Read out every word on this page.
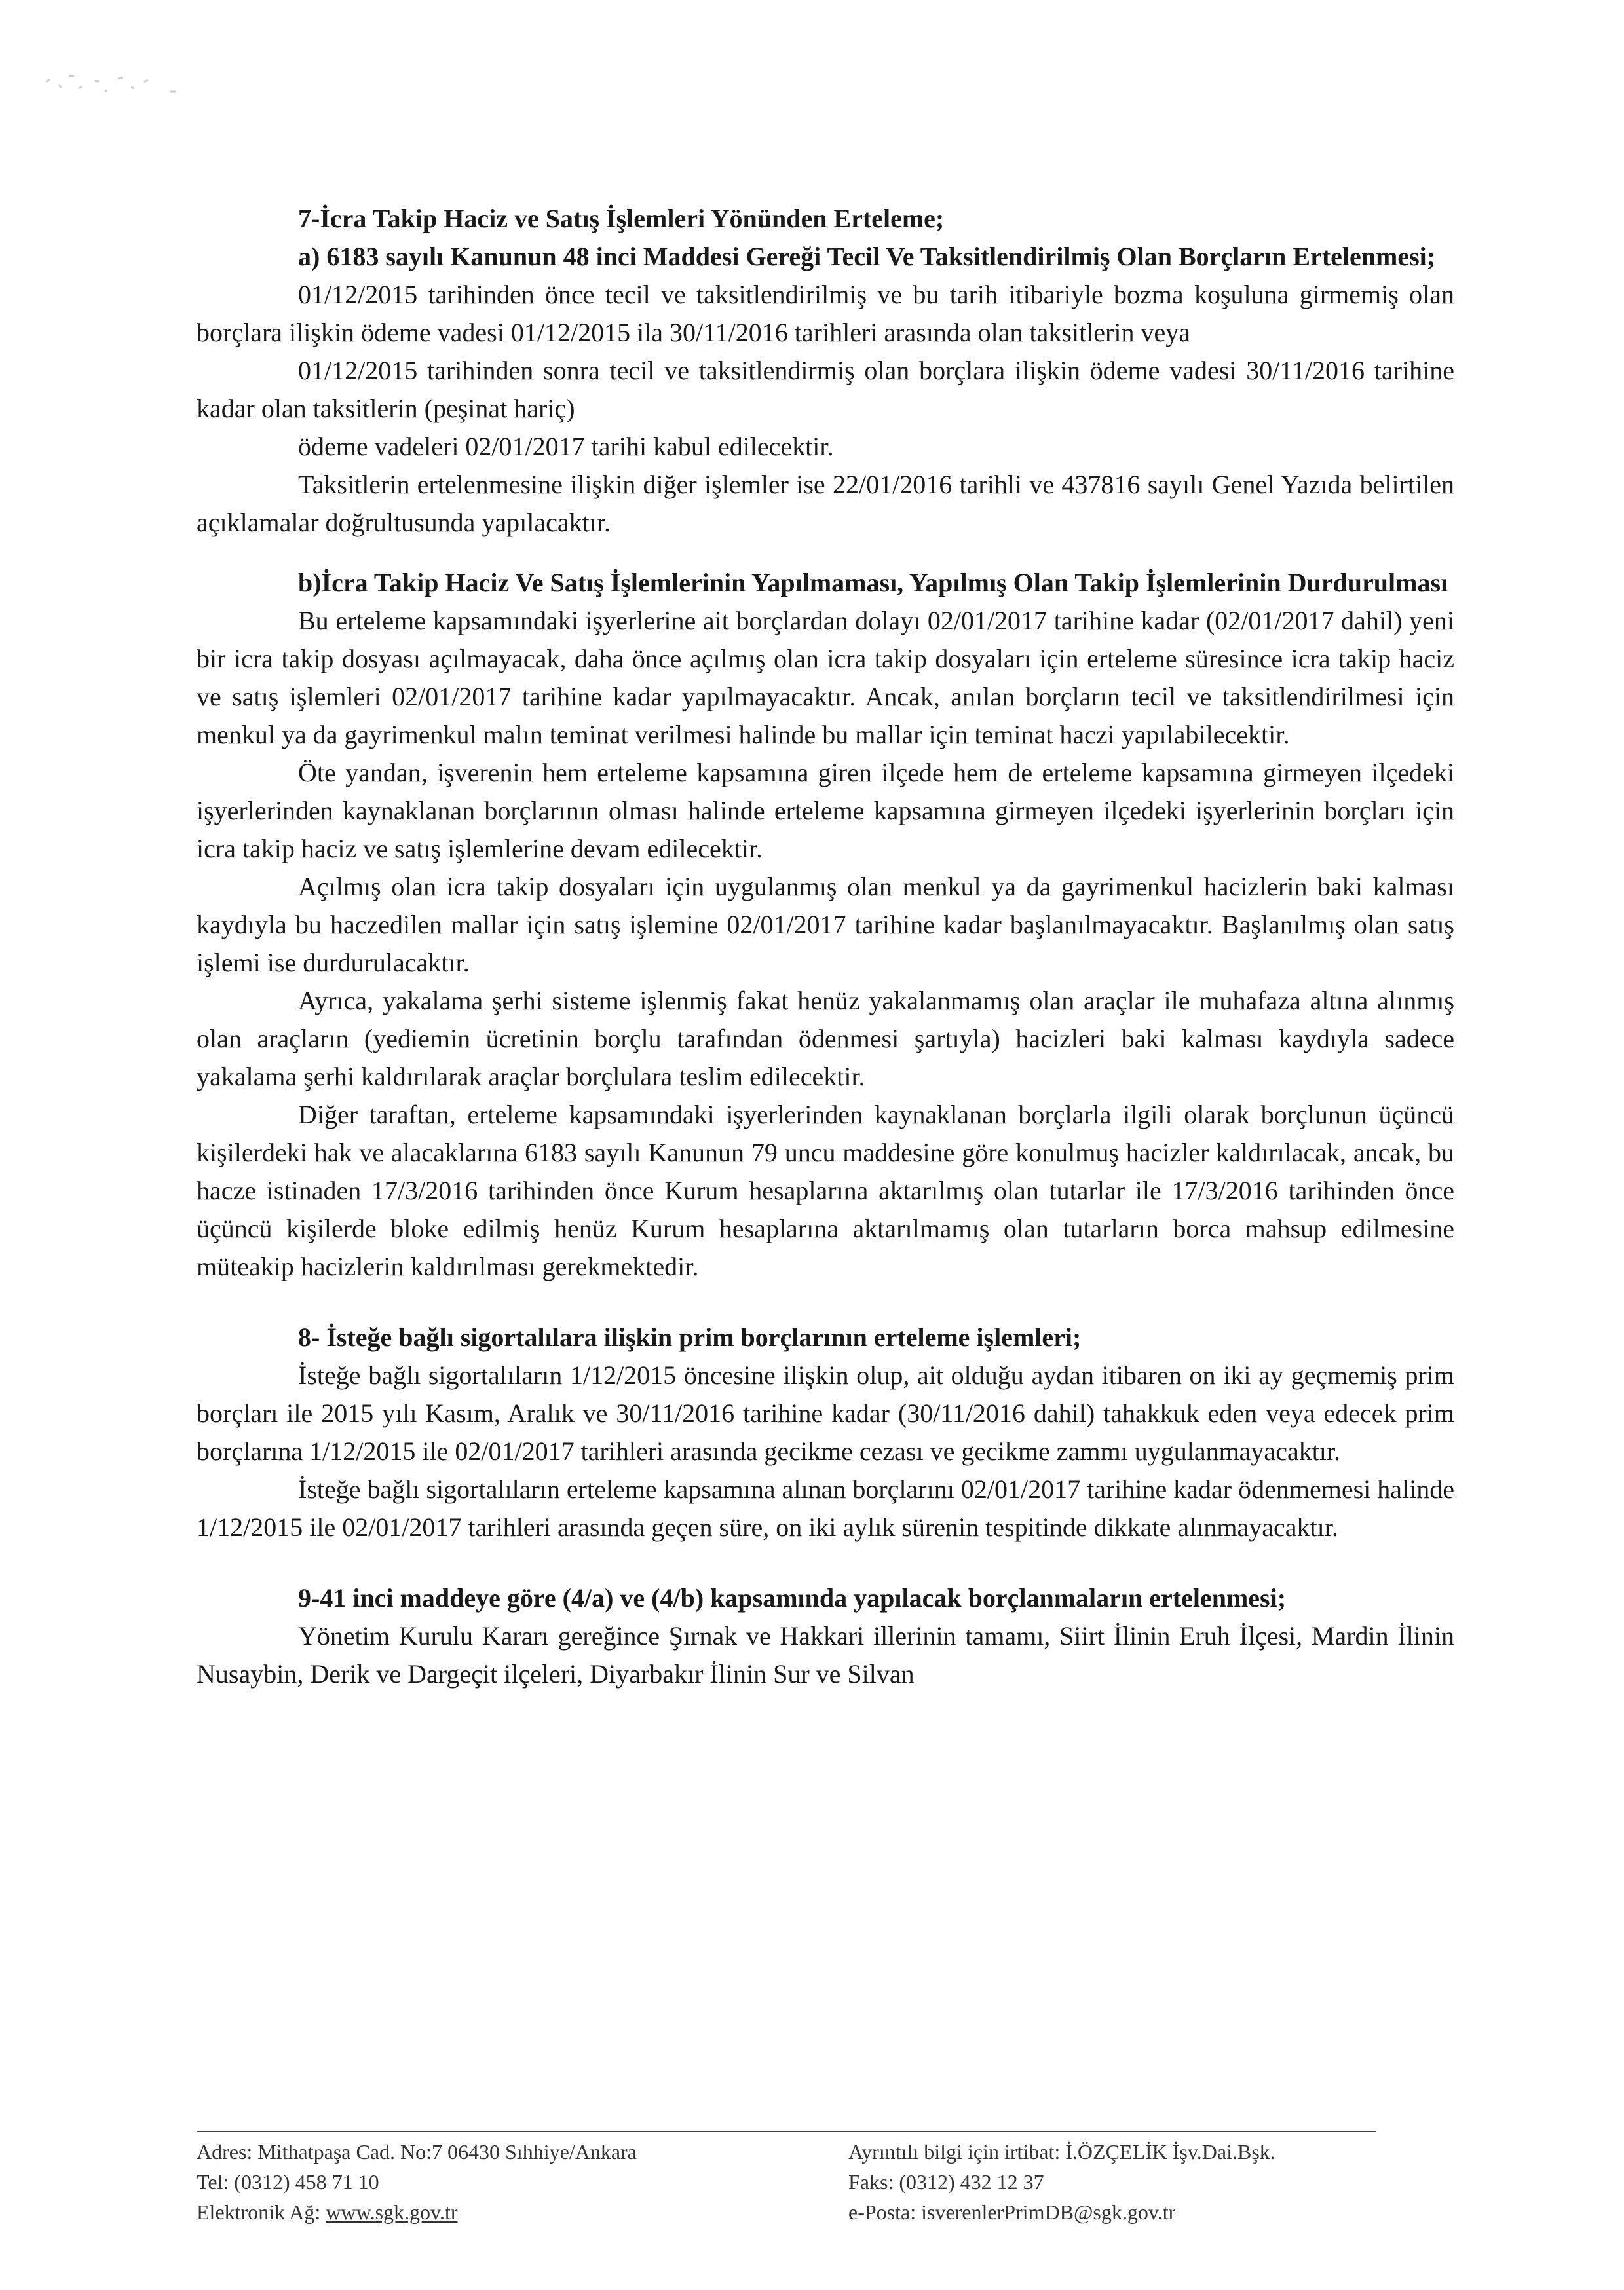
7-İcra Takip Haciz ve Satış İşlemleri Yönünden Erteleme;

a) 6183 sayılı Kanunun 48 inci Maddesi Gereği Tecil Ve Taksitlendirilmiş Olan Borçların Ertelenmesi;

01/12/2015 tarihinden önce tecil ve taksitlendirilmiş ve bu tarih itibariyle bozma koşuluna girmemiş olan borçlara ilişkin ödeme vadesi 01/12/2015 ila 30/11/2016 tarihleri arasında olan taksitlerin veya

01/12/2015 tarihinden sonra tecil ve taksitlendirmiş olan borçlara ilişkin ödeme vadesi 30/11/2016 tarihine kadar olan taksitlerin (peşinat hariç)

ödeme vadeleri 02/01/2017 tarihi kabul edilecektir.

Taksitlerin ertelenmesine ilişkin diğer işlemler ise 22/01/2016 tarihli ve 437816 sayılı Genel Yazıda belirtilen açıklamalar doğrultusunda yapılacaktır.

b)İcra Takip Haciz Ve Satış İşlemlerinin Yapılmaması, Yapılmış Olan Takip İşlemlerinin Durdurulması

Bu erteleme kapsamındaki işyerlerine ait borçlardan dolayı 02/01/2017 tarihine kadar (02/01/2017 dahil) yeni bir icra takip dosyası açılmayacak, daha önce açılmış olan icra takip dosyaları için erteleme süresince icra takip haciz ve satış işlemleri 02/01/2017 tarihine kadar yapılmayacaktır. Ancak, anılan borçların tecil ve taksitlendirilmesi için menkul ya da gayrimenkul malın teminat verilmesi halinde bu mallar için teminat haczi yapılabilecektir.

Öte yandan, işverenin hem erteleme kapsamına giren ilçede hem de erteleme kapsamına girmeyen ilçedeki işyerlerinden kaynaklanan borçlarının olması halinde erteleme kapsamına girmeyen ilçedeki işyerlerinin borçları için icra takip haciz ve satış işlemlerine devam edilecektir.

Açılmış olan icra takip dosyaları için uygulanmış olan menkul ya da gayrimenkul hacizlerin baki kalması kaydıyla bu haczedilen mallar için satış işlemine 02/01/2017 tarihine kadar başlanılmayacaktır. Başlanılmış olan satış işlemi ise durdurulacaktır.

Ayrıca, yakalama şerhi sisteme işlenmiş fakat henüz yakalanmamış olan araçlar ile muhafaza altına alınmış olan araçların (yediemin ücretinin borçlu tarafından ödenmesi şartıyla) hacizleri baki kalması kaydıyla sadece yakalama şerhi kaldırılarak araçlar borçlulara teslim edilecektir.

Diğer taraftan, erteleme kapsamındaki işyerlerinden kaynaklanan borçlarla ilgili olarak borçlunun üçüncü kişilerdeki hak ve alacaklarına 6183 sayılı Kanunun 79 uncu maddesine göre konulmuş hacizler kaldırılacak, ancak, bu hacze istinaden 17/3/2016 tarihinden önce Kurum hesaplarına aktarılmış olan tutarlar ile 17/3/2016 tarihinden önce üçüncü kişilerde bloke edilmiş henüz Kurum hesaplarına aktarılmamış olan tutarların borca mahsup edilmesine müteakip hacizlerin kaldırılması gerekmektedir.

8- İsteğe bağlı sigortalılara ilişkin prim borçlarının erteleme işlemleri;

İsteğe bağlı sigortalıların 1/12/2015 öncesine ilişkin olup, ait olduğu aydan itibaren on iki ay geçmemiş prim borçları ile 2015 yılı Kasım, Aralık ve 30/11/2016 tarihine kadar (30/11/2016 dahil) tahakkuk eden veya edecek prim borçlarına 1/12/2015 ile 02/01/2017 tarihleri arasında gecikme cezası ve gecikme zammı uygulanmayacaktır.

İsteğe bağlı sigortalıların erteleme kapsamına alınan borçlarını 02/01/2017 tarihine kadar ödenmemesi halinde 1/12/2015 ile 02/01/2017 tarihleri arasında geçen süre, on iki aylık sürenin tespitinde dikkate alınmayacaktır.

9-41 inci maddeye göre (4/a) ve (4/b) kapsamında yapılacak borçlanmaların ertelenmesi;

Yönetim Kurulu Kararı gereğince Şırnak ve Hakkari illerinin tamamı, Siirt İlinin Eruh İlçesi, Mardin İlinin Nusaybin, Derik ve Dargeçit ilçeleri, Diyarbakır İlinin Sur ve Silvan

Adres: Mithatpaşa Cad. No:7 06430 Sıhhiye/Ankara
Tel: (0312) 458 71 10
Elektronik Ağ: www.sgk.gov.tr
Ayrıntılı bilgi için irtibat: İ.ÖZÇELİK İşv.Dai.Bşk.
Faks: (0312) 432 12 37
e-Posta: isverenlerPrimDB@sgk.gov.tr
